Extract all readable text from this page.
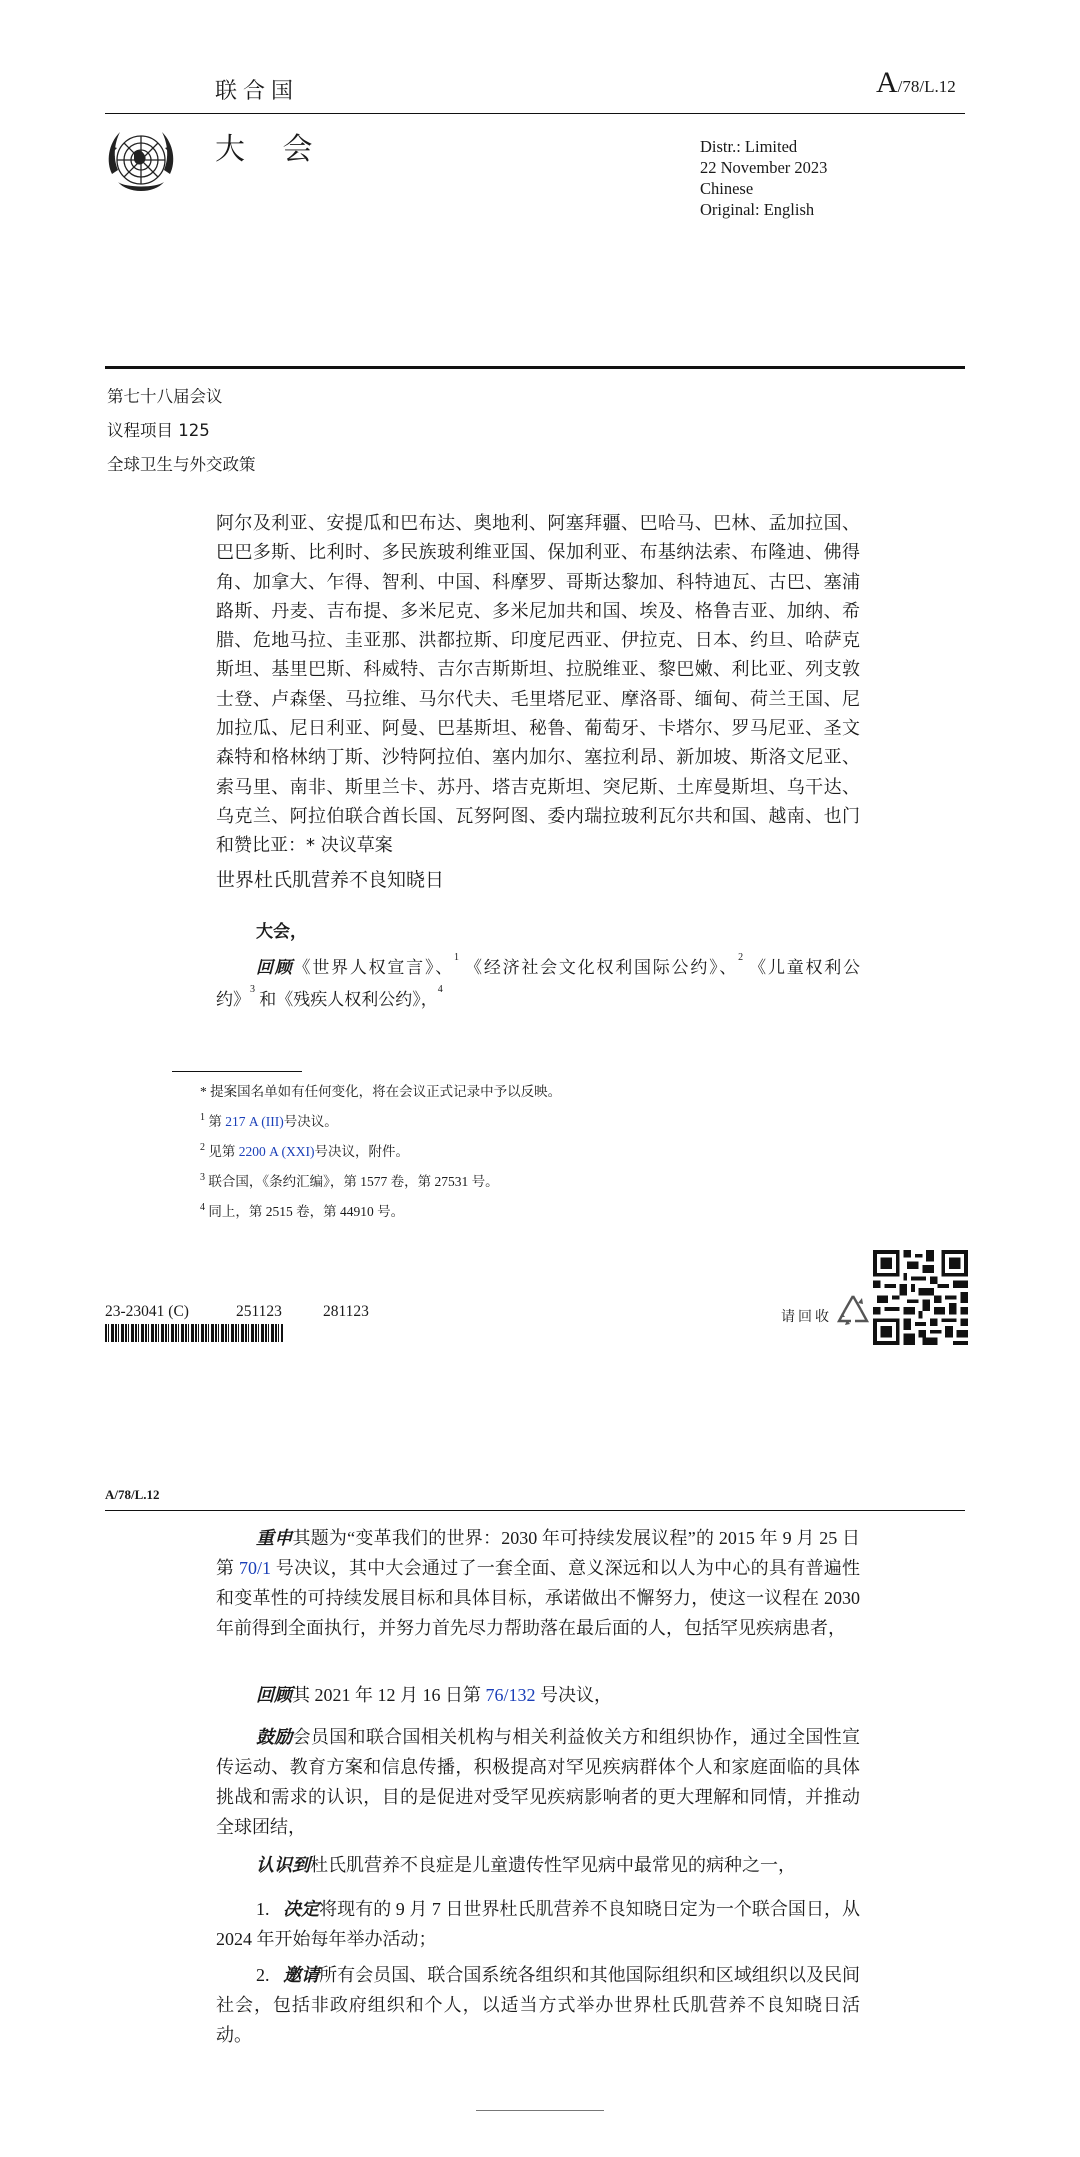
联合国	A/78/L.12
大 会	Distr.: Limited
22 November 2023
Chinese
Original: English
第七十八届会议
议程项目 125
全球卫生与外交政策
阿尔及利亚、安提瓜和巴布达、奥地利、阿塞拜疆、巴哈马、巴林、孟加拉国、巴巴多斯、比利时、多民族玻利维亚国、保加利亚、布基纳法索、布隆迪、佛得角、加拿大、乍得、智利、中国、科摩罗、哥斯达黎加、科特迪瓦、古巴、塞浦路斯、丹麦、吉布提、多米尼克、多米尼加共和国、埃及、格鲁吉亚、加纳、希腊、危地马拉、圭亚那、洪都拉斯、印度尼西亚、伊拉克、日本、约旦、哈萨克斯坦、基里巴斯、科威特、吉尔吉斯斯坦、拉脱维亚、黎巴嫩、利比亚、列支敦士登、卢森堡、马拉维、马尔代夫、毛里塔尼亚、摩洛哥、缅甸、荷兰王国、尼加拉瓜、尼日利亚、阿曼、巴基斯坦、秘鲁、葡萄牙、卡塔尔、罗马尼亚、圣文森特和格林纳丁斯、沙特阿拉伯、塞内加尔、塞拉利昂、新加坡、斯洛文尼亚、索马里、南非、斯里兰卡、苏丹、塔吉克斯坦、突尼斯、土库曼斯坦、乌干达、乌克兰、阿拉伯联合酋长国、瓦努阿图、委内瑞拉玻利瓦尔共和国、越南、也门和赞比亚：* 决议草案
世界杜氏肌营养不良知晓日
大会，
回顾《世界人权宣言》、$^1$ 《经济社会文化权利国际公约》、$^2$ 《儿童权利公
约》$^3$ 和《残疾人权利公约》，$^4$
* 提案国名单如有任何变化，将在会议正式记录中予以反映。
$^1$ 第 217 A (III)号决议。
$^2$ 见第 2200 A (XXI)号决议，附件。
$^3$ 联合国，《条约汇编》，第 1577 卷，第 27531 号。
$^4$ 同上，第 2515 卷，第 44910 号。
23-23041 (C)	251123	281123	请回收
A/78/L.12
重申其题为“变革我们的世界：2030 年可持续发展议程”的 2015 年 9 月 25 日第 70/1 号决议，其中大会通过了一套全面、意义深远和以人为中心的具有普遍性和变革性的可持续发展目标和具体目标，承诺做出不懈努力，使这一议程在 2030 年前得到全面执行，并努力首先尽力帮助落在最后面的人，包括罕见疾病患者，
回顾其 2021 年 12 月 16 日第 76/132 号决议，
鼓励会员国和联合国相关机构与相关利益攸关方和组织协作，通过全国性宣传运动、教育方案和信息传播，积极提高对罕见疾病群体个人和家庭面临的具体挑战和需求的认识，目的是促进对受罕见疾病影响者的更大理解和同情，并推动全球团结，
认识到杜氏肌营养不良症是儿童遗传性罕见病中最常见的病种之一，
1. 决定将现有的 9 月 7 日世界杜氏肌营养不良知晓日定为一个联合国日，从 2024 年开始每年举办活动；
2. 邀请所有会员国、联合国系统各组织和其他国际组织和区域组织以及民间社会，包括非政府组织和个人，以适当方式举办世界杜氏肌营养不良知晓日活动。
